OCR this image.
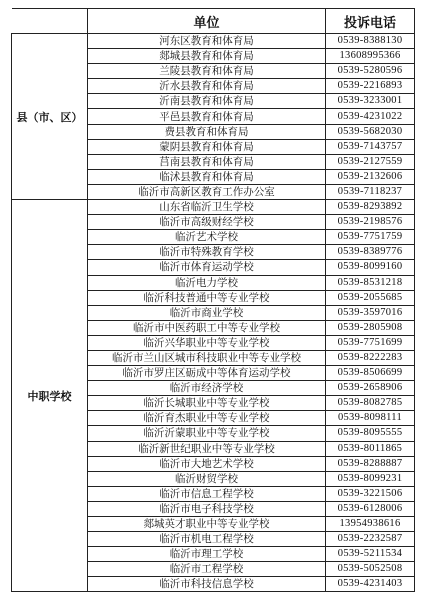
	单位	投诉电话
县（市、区）	河东区教育和体育局	0539-8388130
	郯城县教育和体育局	13608995366
	兰陵县教育和体育局	0539-5280596
	沂水县教育和体育局	0539-2216893
	沂南县教育和体育局	0539-3233001
	平邑县教育和体育局	0539-4231022
	费县教育和体育局	0539-5682030
	蒙阴县教育和体育局	0539-7143757
	莒南县教育和体育局	0539-2127559
	临沭县教育和体育局	0539-2132606
	临沂市高新区教育工作办公室	0539-7118237
中职学校	山东省临沂卫生学校	0539-8293892
	临沂市高级财经学校	0539-2198576
	临沂艺术学校	0539-7751759
	临沂市特殊教育学校	0539-8389776
	临沂市体育运动学校	0539-8099160
	临沂电力学校	0539-8531218
	临沂科技普通中等专业学校	0539-2055685
	临沂市商业学校	0539-3597016
	临沂市中医药职工中等专业学校	0539-2805908
	临沂兴华职业中等专业学校	0539-7751699
	临沂市兰山区城市科技职业中等专业学校	0539-8222283
	临沂市罗庄区砺成中等体育运动学校	0539-8506699
	临沂市经济学校	0539-2658906
	临沂长城职业中等专业学校	0539-8082785
	临沂育杰职业中等专业学校	0539-8098111
	临沂沂蒙职业中等专业学校	0539-8095555
	临沂新世纪职业中等专业学校	0539-8011865
	临沂市大地艺术学校	0539-8288887
	临沂财贸学校	0539-8099231
	临沂市信息工程学校	0539-3221506
	临沂市电子科技学校	0539-6128006
	郯城英才职业中等专业学校	13954938616
	临沂市机电工程学校	0539-2232587
	临沂市理工学校	0539-5211534
	临沂市工程学校	0539-5052508
	临沂市科技信息学校	0539-4231403
